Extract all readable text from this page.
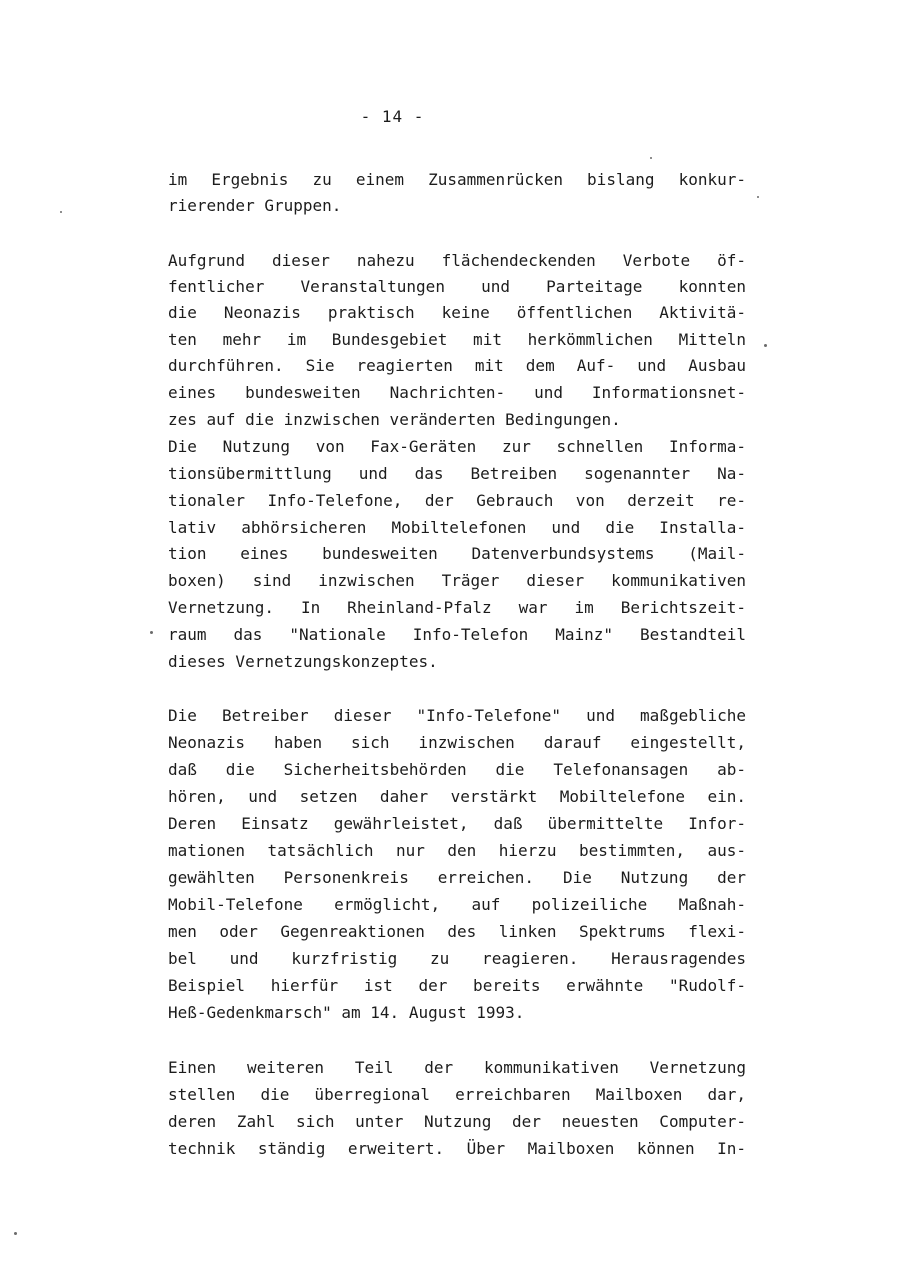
- 14 -
im Ergebnis zu einem Zusammenrücken bislang konkur-
rierender Gruppen.
Aufgrund dieser nahezu flächendeckenden Verbote öf-
fentlicher Veranstaltungen und Parteitage konnten
die Neonazis praktisch keine öffentlichen Aktivitä-
ten mehr im Bundesgebiet mit herkömmlichen Mitteln
durchführen. Sie reagierten mit dem Auf- und Ausbau
eines bundesweiten Nachrichten- und Informationsnet-
zes auf die inzwischen veränderten Bedingungen.
Die Nutzung von Fax-Geräten zur schnellen Informa-
tionsübermittlung und das Betreiben sogenannter Na-
tionaler Info-Telefone, der Gebrauch von derzeit re-
lativ abhörsicheren Mobiltelefonen und die Installa-
tion eines bundesweiten Datenverbundsystems (Mail-
boxen) sind inzwischen Träger dieser kommunikativen
Vernetzung. In Rheinland-Pfalz war im Berichtszeit-
raum das "Nationale Info-Telefon Mainz" Bestandteil
dieses Vernetzungskonzeptes.
Die Betreiber dieser "Info-Telefone" und maßgebliche
Neonazis haben sich inzwischen darauf eingestellt,
daß die Sicherheitsbehörden die Telefonansagen ab-
hören, und setzen daher verstärkt Mobiltelefone ein.
Deren Einsatz gewährleistet, daß übermittelte Infor-
mationen tatsächlich nur den hierzu bestimmten, aus-
gewählten Personenkreis erreichen. Die Nutzung der
Mobil-Telefone ermöglicht, auf polizeiliche Maßnah-
men oder Gegenreaktionen des linken Spektrums flexi-
bel und kurzfristig zu reagieren. Herausragendes
Beispiel hierfür ist der bereits erwähnte "Rudolf-
Heß-Gedenkmarsch" am 14. August 1993.
Einen weiteren Teil der kommunikativen Vernetzung
stellen die überregional erreichbaren Mailboxen dar,
deren Zahl sich unter Nutzung der neuesten Computer-
technik ständig erweitert. Über Mailboxen können In-
